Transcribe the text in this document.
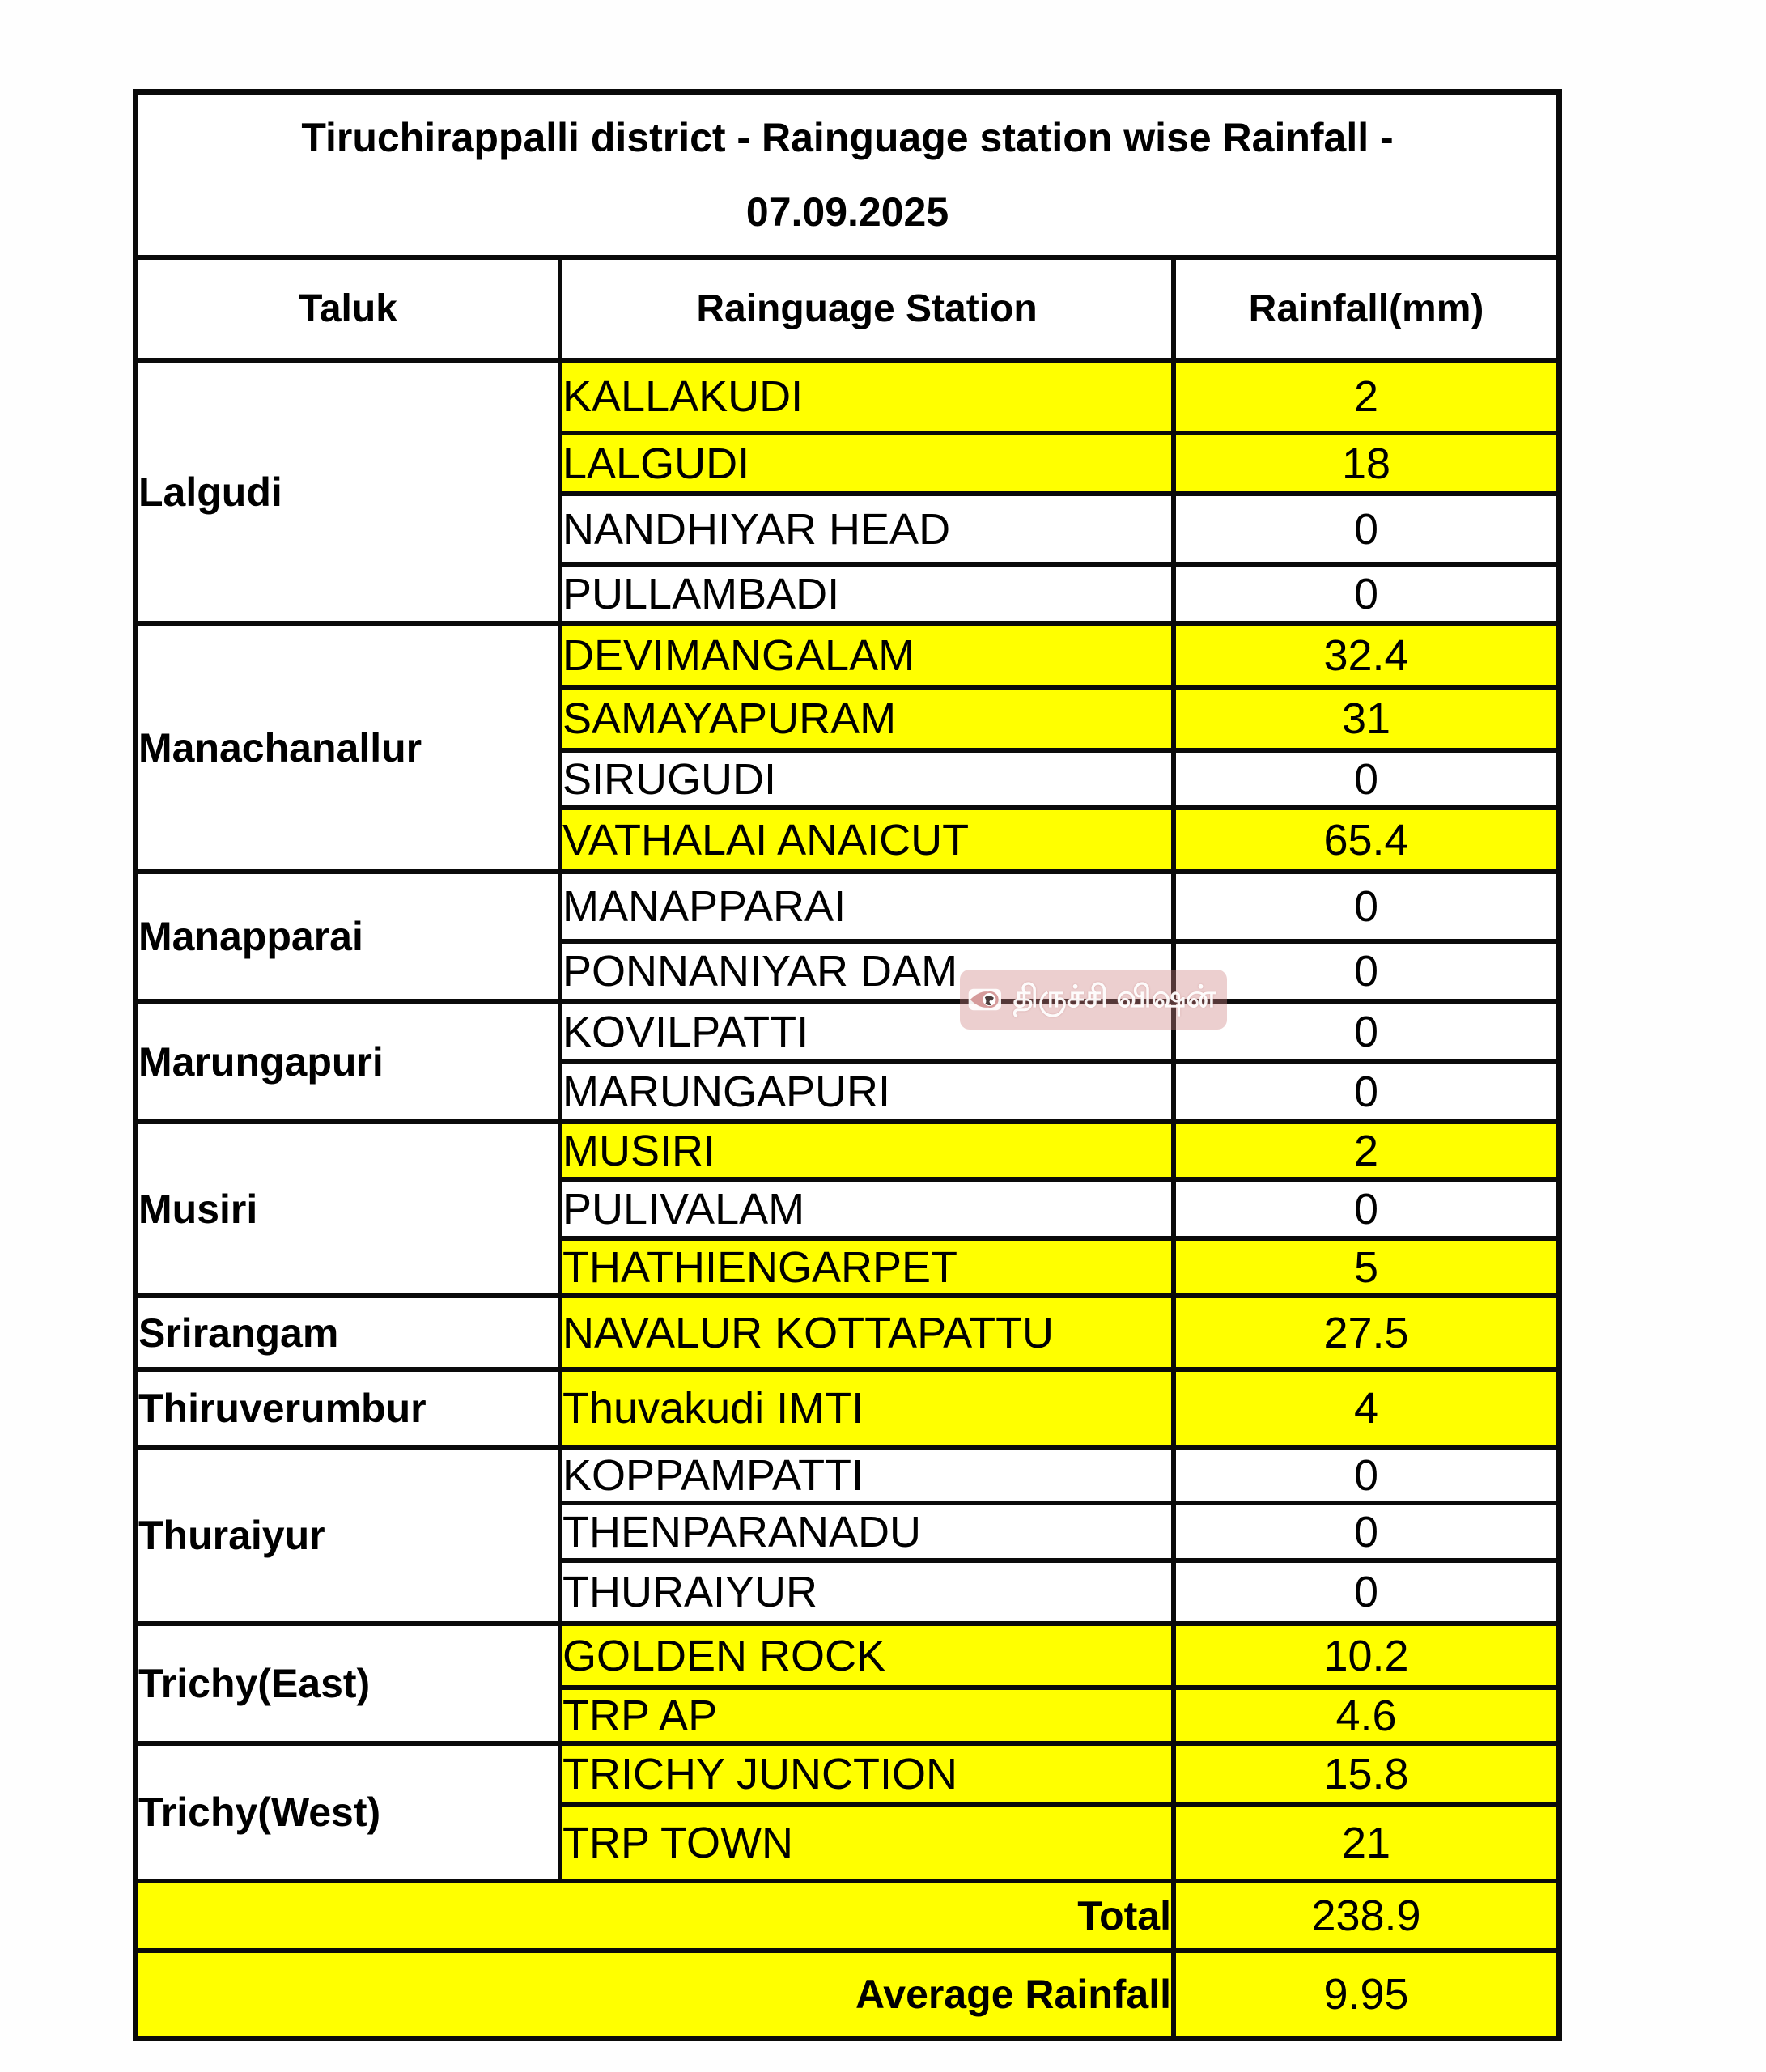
Tiruchirappalli district - Rainguage station wise Rainfall -
07.09.2025		

Taluk	Rainguage Station	Rainfall(mm)
Lalgudi	KALLAKUDI	2
	LALGUDI	18
	NANDHIYAR HEAD	0
	PULLAMBADI	0
Manachanallur	DEVIMANGALAM	32.4
	SAMAYAPURAM	31
	SIRUGUDI	0
	VATHALAI ANAICUT	65.4
Manapparai	MANAPPARAI	0
	PONNANIYAR DAM	0
Marungapuri	KOVILPATTI	0
	MARUNGAPURI	0
Musiri	MUSIRI	2
	PULIVALAM	0
	THATHIENGARPET	5
Srirangam	NAVALUR KOTTAPATTU	27.5
Thiruverumbur	Thuvakudi IMTI	4
Thuraiyur	KOPPAMPATTI	0
	THENPARANADU	0
	THURAIYUR	0
Trichy(East)	GOLDEN ROCK	10.2
	TRP AP	4.6
Trichy(West)	TRICHY JUNCTION	15.8
	TRP TOWN	21
Total		238.9
Average Rainfall		9.95
திருச்சி விஷன்
